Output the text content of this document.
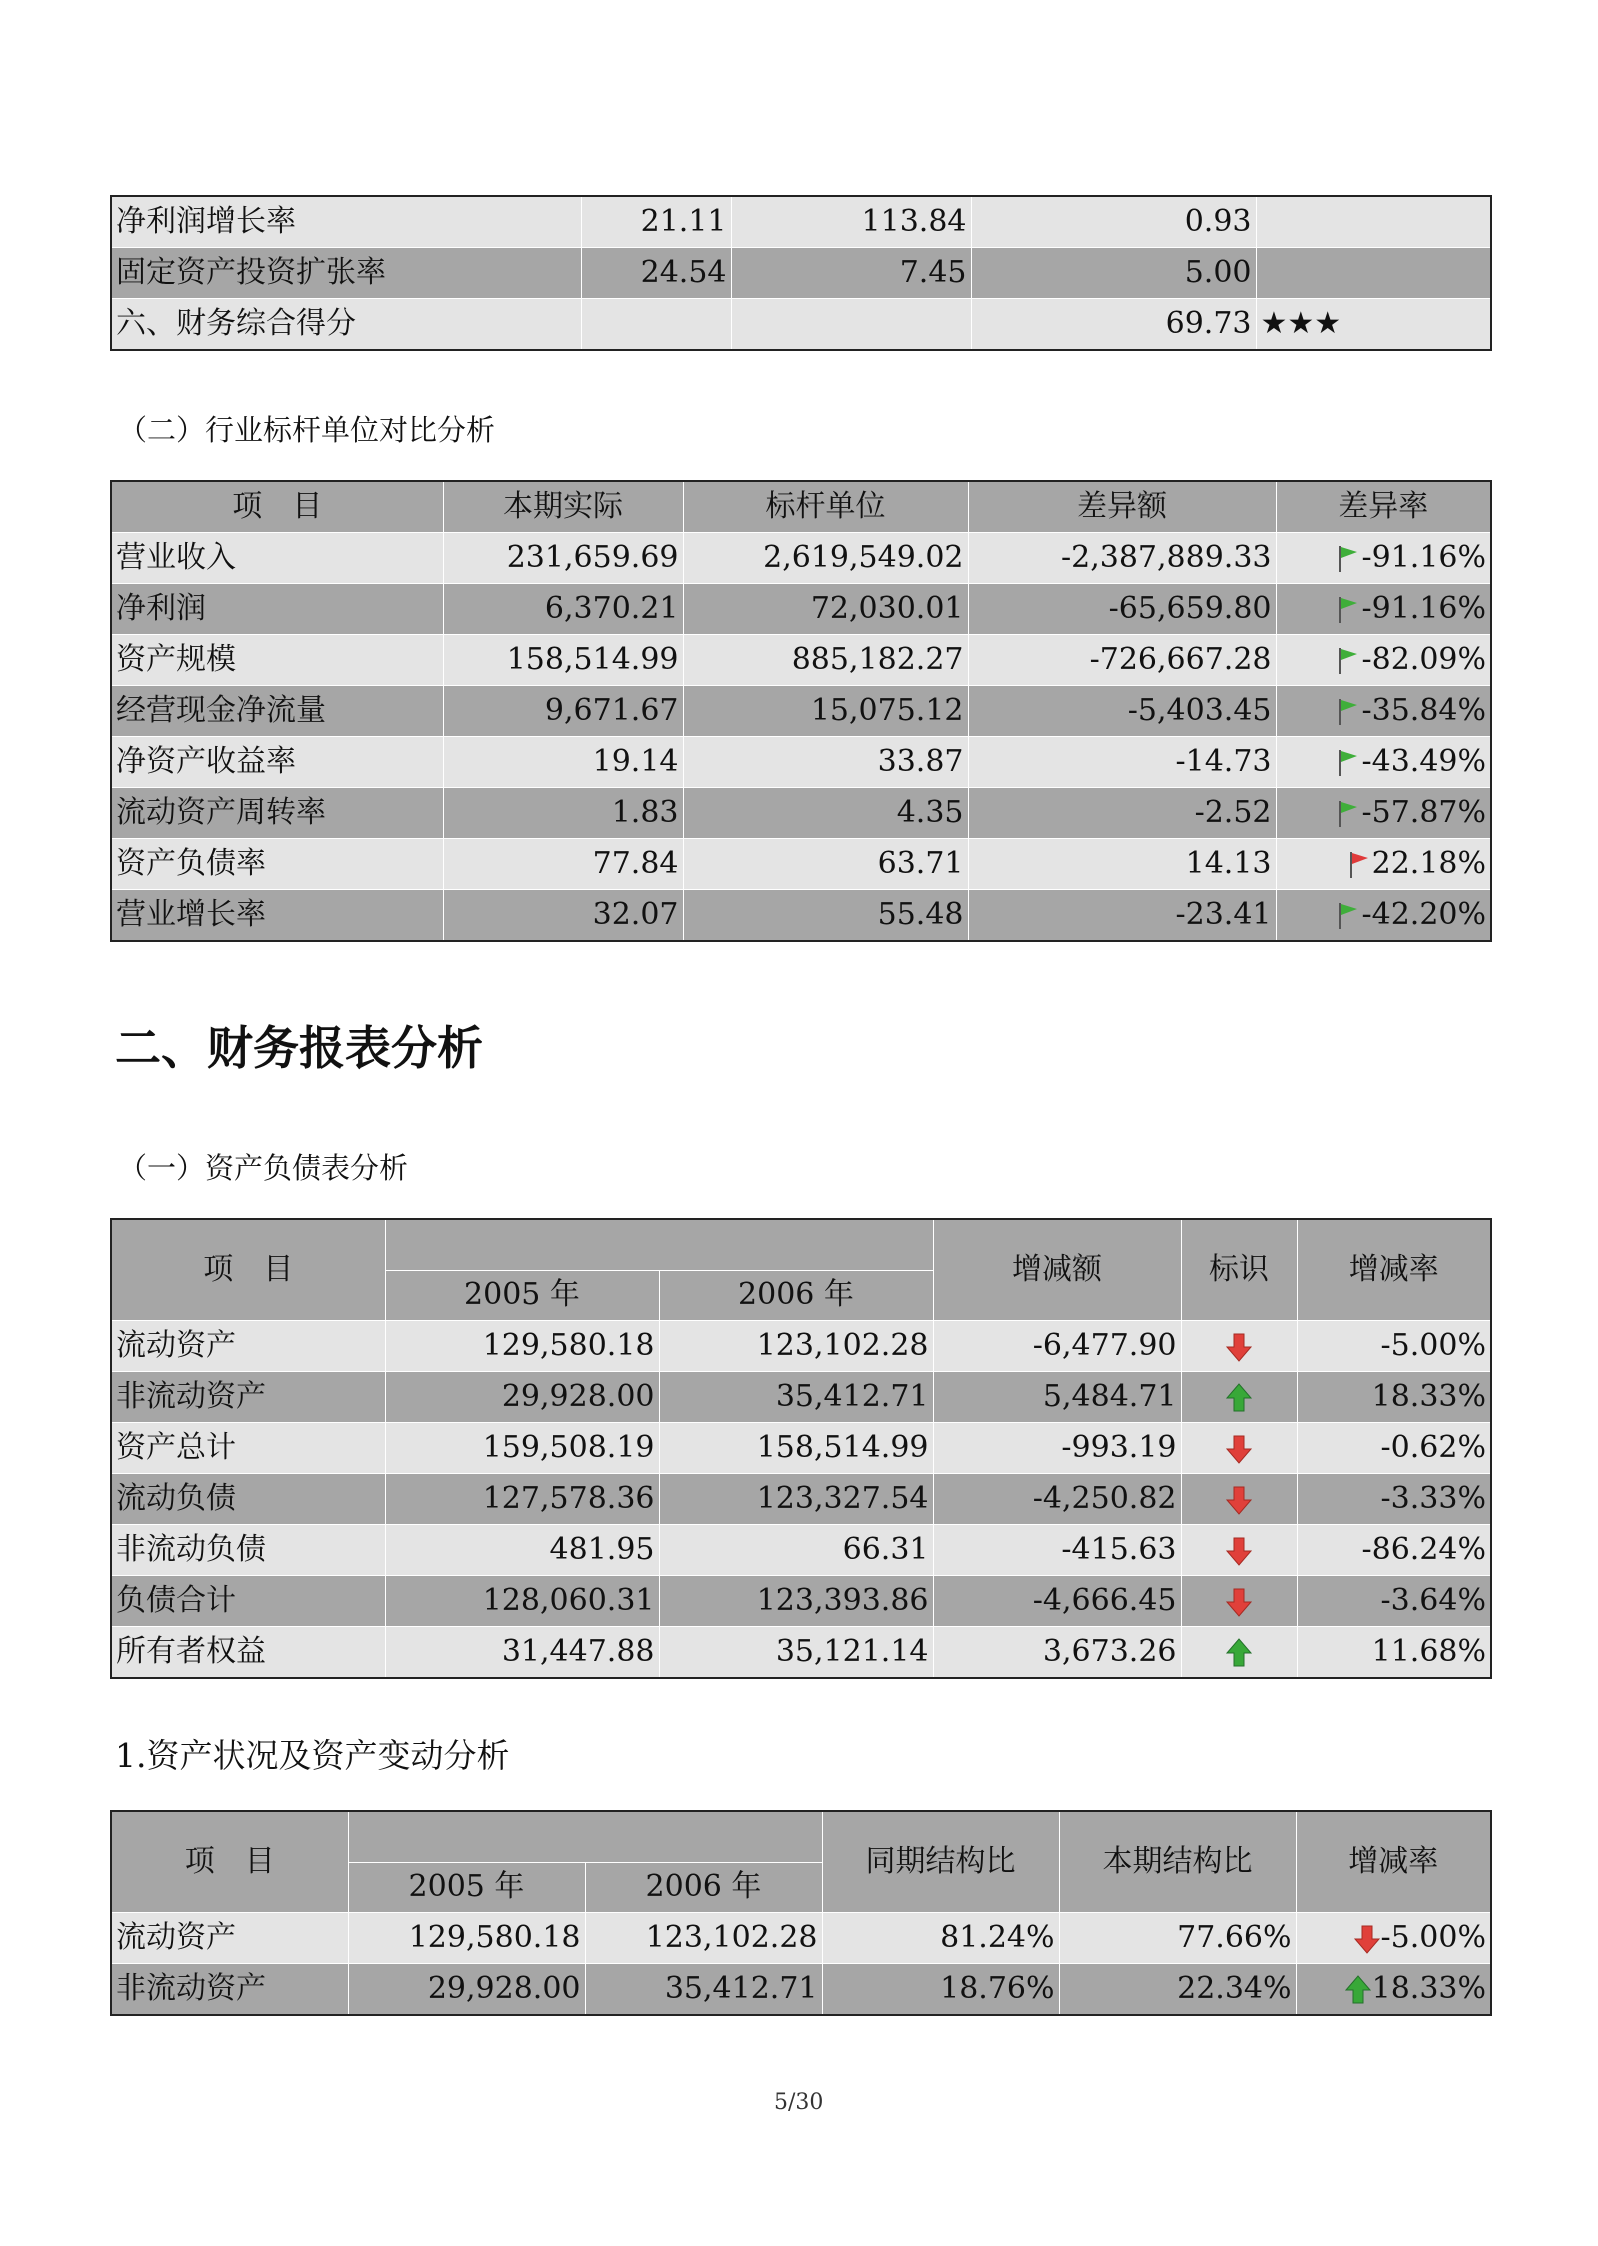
净利润增长率	21.11	113.84	0.93	
固定资产投资扩张率	24.54	7.45	5.00	
六、财务综合得分			69.73	★★★
（二）行业标杆单位对比分析
项　目	本期实际	标杆单位	差异额	差异率
营业收入	231,659.69	2,619,549.02	-2,387,889.33	-91.16%
净利润	6,370.21	72,030.01	-65,659.80	-91.16%
资产规模	158,514.99	885,182.27	-726,667.28	-82.09%
经营现金净流量	9,671.67	15,075.12	-5,403.45	-35.84%
净资产收益率	19.14	33.87	-14.73	-43.49%
流动资产周转率	1.83	4.35	-2.52	-57.87%
资产负债率	77.84	63.71	14.13	22.18%
营业增长率	32.07	55.48	-23.41	-42.20%
二、财务报表分析
（一）资产负债表分析
项　目			增减额	标识	增减率
	2005 年	2006 年			
流动资产	129,580.18	123,102.28	-6,477.90		-5.00%
非流动资产	29,928.00	35,412.71	5,484.71		18.33%
资产总计	159,508.19	158,514.99	-993.19		-0.62%
流动负债	127,578.36	123,327.54	-4,250.82		-3.33%
非流动负债	481.95	66.31	-415.63		-86.24%
负债合计	128,060.31	123,393.86	-4,666.45		-3.64%
所有者权益	31,447.88	35,121.14	3,673.26		11.68%
1.资产状况及资产变动分析
项　目			同期结构比	本期结构比	增减率
	2005 年	2006 年			
流动资产	129,580.18	123,102.28	81.24%	77.66%	-5.00%
非流动资产	29,928.00	35,412.71	18.76%	22.34%	18.33%
5/30
